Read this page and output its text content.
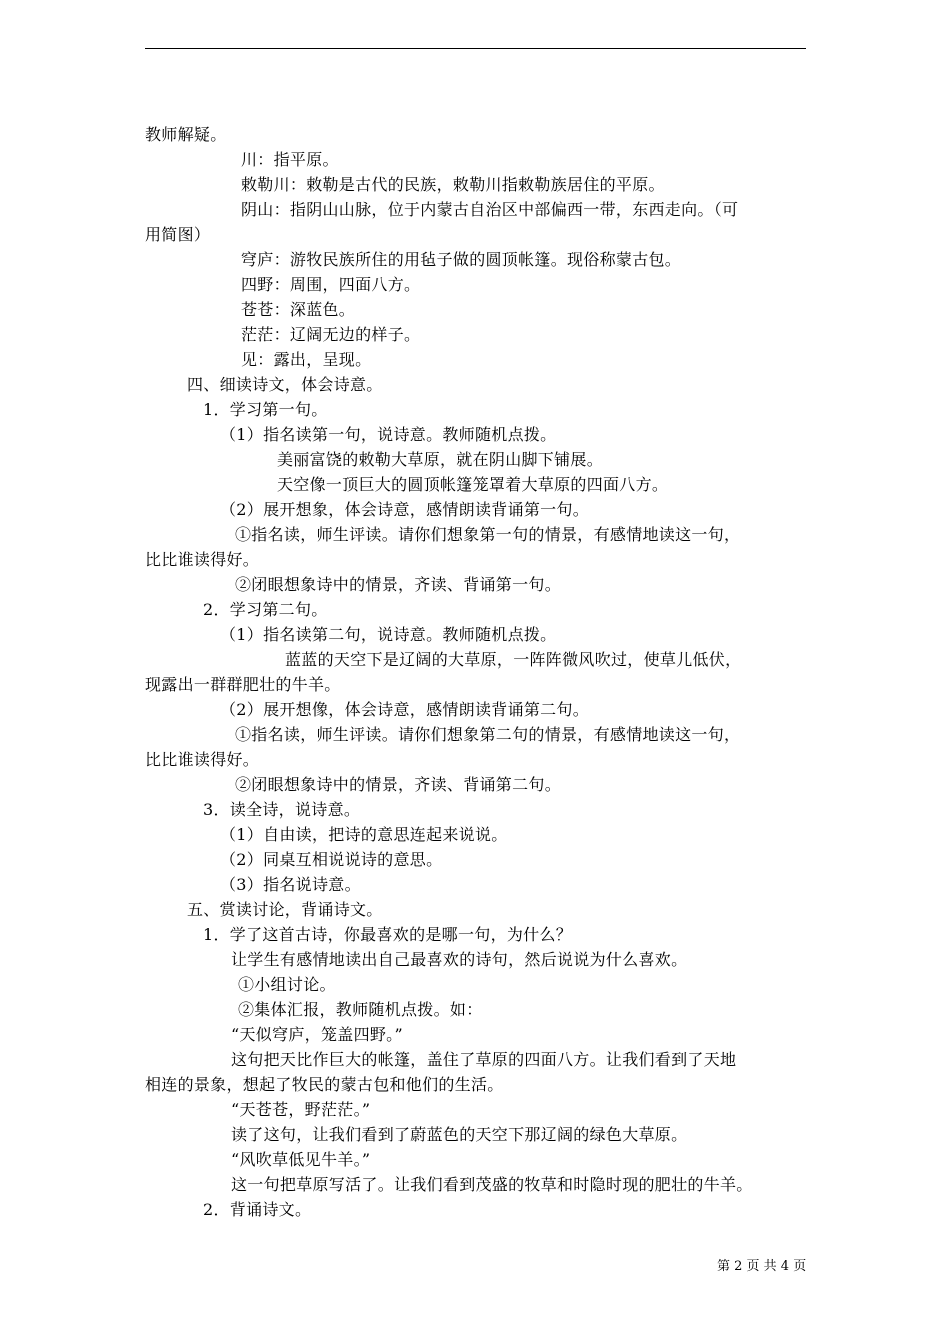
教师解疑。
川：指平原。
敕勒川：敕勒是古代的民族，敕勒川指敕勒族居住的平原。
阴山：指阴山山脉，位于内蒙古自治区中部偏西一带，东西走向。（可
用简图）
穹庐：游牧民族所住的用毡子做的圆顶帐篷。现俗称蒙古包。
四野：周围，四面八方。
苍苍：深蓝色。
茫茫：辽阔无边的样子。
见：露出，呈现。
四、细读诗文，体会诗意。
1．学习第一句。
（1）指名读第一句，说诗意。教师随机点拨。
美丽富饶的敕勒大草原，就在阴山脚下铺展。
天空像一顶巨大的圆顶帐篷笼罩着大草原的四面八方。
（2）展开想象，体会诗意，感情朗读背诵第一句。
①指名读，师生评读。请你们想象第一句的情景，有感情地读这一句，
比比谁读得好。
②闭眼想象诗中的情景，齐读、背诵第一句。
2．学习第二句。
（1）指名读第二句，说诗意。教师随机点拨。
蓝蓝的天空下是辽阔的大草原，一阵阵微风吹过，使草儿低伏，
现露出一群群肥壮的牛羊。
（2）展开想像，体会诗意，感情朗读背诵第二句。
①指名读，师生评读。请你们想象第二句的情景，有感情地读这一句，
比比谁读得好。
②闭眼想象诗中的情景，齐读、背诵第二句。
3．读全诗，说诗意。
（1）自由读，把诗的意思连起来说说。
（2）同桌互相说说诗的意思。
（3）指名说诗意。
五、赏读讨论，背诵诗文。
1．学了这首古诗，你最喜欢的是哪一句，为什么？
让学生有感情地读出自己最喜欢的诗句，然后说说为什么喜欢。
①小组讨论。
②集体汇报，教师随机点拨。如：
“天似穹庐，笼盖四野。”
这句把天比作巨大的帐篷，盖住了草原的四面八方。让我们看到了天地
相连的景象，想起了牧民的蒙古包和他们的生活。
“天苍苍，野茫茫。”
读了这句，让我们看到了蔚蓝色的天空下那辽阔的绿色大草原。
“风吹草低见牛羊。”
这一句把草原写活了。让我们看到茂盛的牧草和时隐时现的肥壮的牛羊。
2．背诵诗文。
第 2 页 共 4 页
